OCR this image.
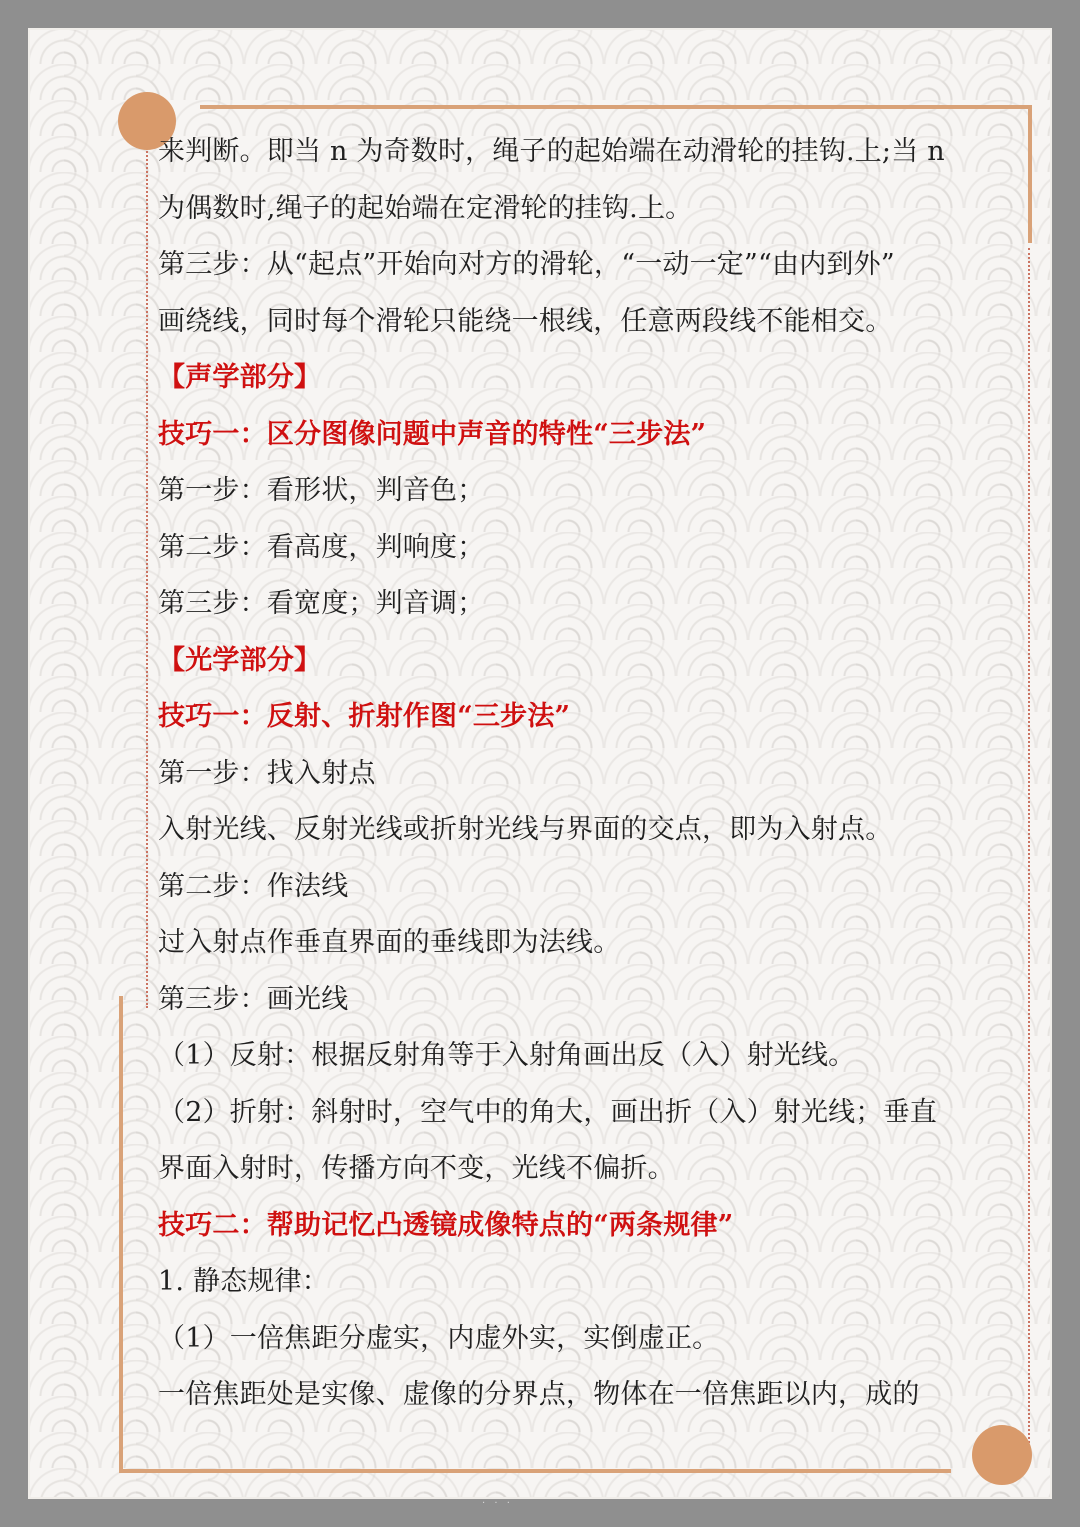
来判断。即当 n 为奇数时，绳子的起始端在动滑轮的挂钩.上;当 n
为偶数时,绳子的起始端在定滑轮的挂钩.上。
第三步：从“起点”开始向对方的滑轮，“一动一定”“由内到外”
画绕线，同时每个滑轮只能绕一根线，任意两段线不能相交。
【声学部分】
技巧一：区分图像问题中声音的特性“三步法”
第一步：看形状，判音色；
第二步：看高度，判响度；
第三步：看宽度；判音调；
【光学部分】
技巧一：反射、折射作图“三步法”
第一步：找入射点
入射光线、反射光线或折射光线与界面的交点，即为入射点。
第二步：作法线
过入射点作垂直界面的垂线即为法线。
第三步：画光线
（1）反射：根据反射角等于入射角画出反（入）射光线。
（2）折射：斜射时，空气中的角大，画出折（入）射光线；垂直
界面入射时，传播方向不变，光线不偏折。
技巧二：帮助记忆凸透镜成像特点的“两条规律”
1. 静态规律：
（1）一倍焦距分虚实，内虚外实，实倒虚正。
一倍焦距处是实像、虚像的分界点，物体在一倍焦距以内，成的
· · ·
